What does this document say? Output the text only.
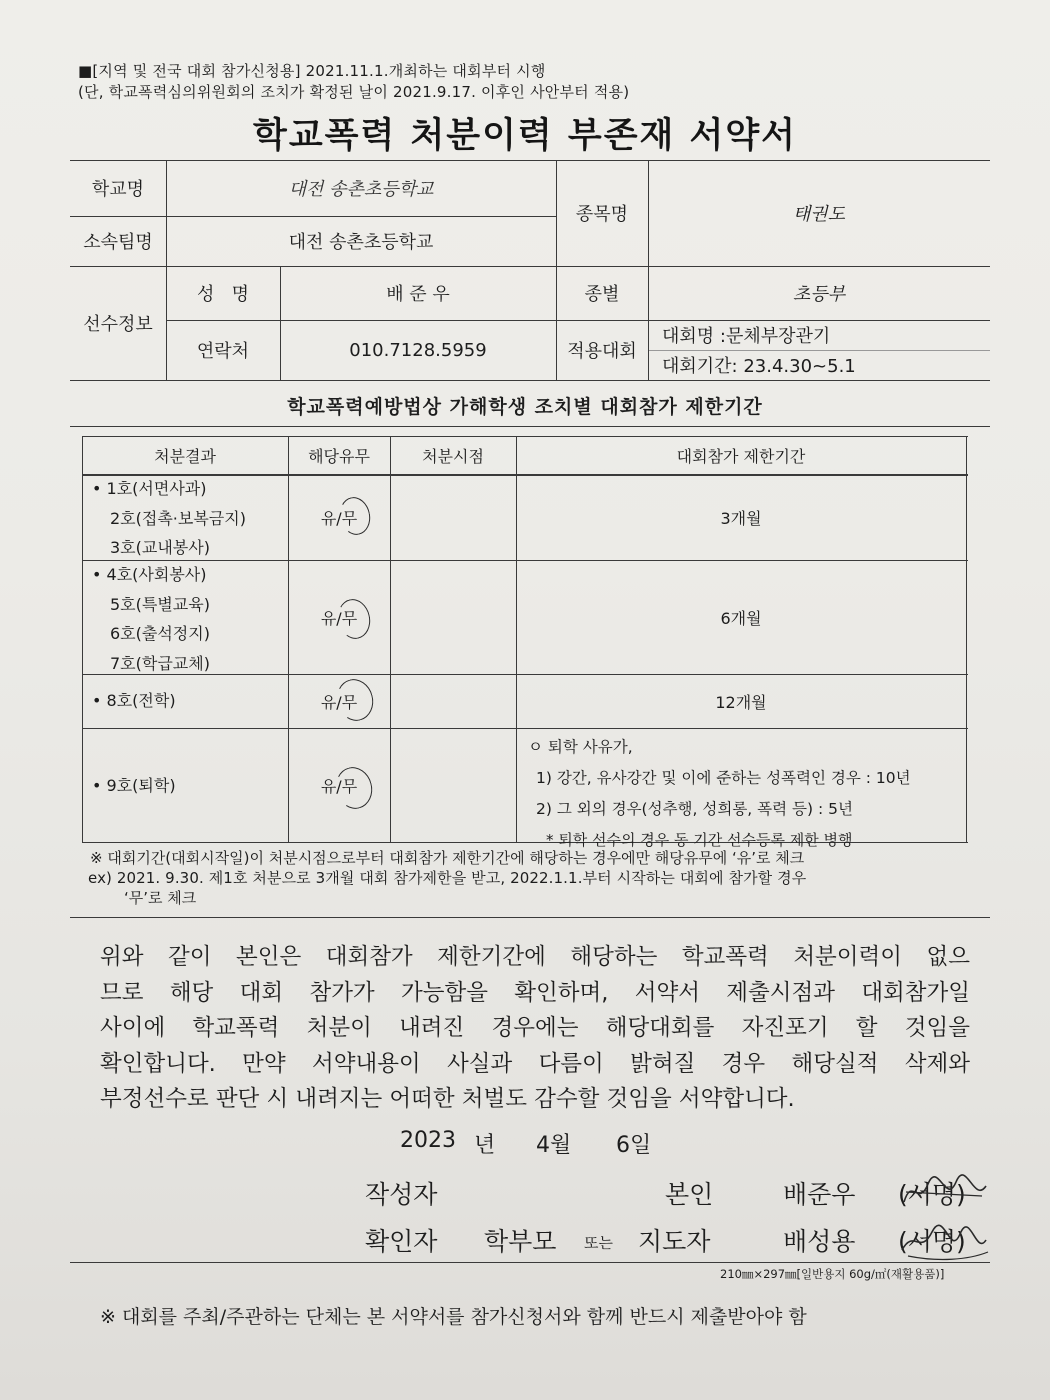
■[지역 및 전국 대회 참가신청용] 2021.11.1.개최하는 대회부터 시행
(단, 학교폭력심의위원회의 조치가 확정된 날이 2021.9.17. 이후인 사안부터 적용)
학교폭력 처분이력 부존재 서약서
학교명	대전 송촌초등학교
소속팀명	대전 송촌초등학교
종목명	태권도
선수정보
성   명	배 준 우
연락처	010.7128.5959
종별	초등부
적용대회
대회명 :문체부장관기
대회기간: 23.4.30~5.1
학교폭력예방법상 가해학생 조치별 대회참가 제한기간
처분결과	해당유무	처분시점	대회참가 제한기간
• 1호(서면사과)
2호(접촉·보복금지)
3호(교내봉사)
유/무	3개월
• 4호(사회봉사)
5호(특별교육)
6호(출석정지)
7호(학급교체)
유/무	6개월
• 8호(전학)	유/무	12개월
• 9호(퇴학)	유/무
ㅇ 퇴학 사유가,
1) 강간, 유사강간 및 이에 준하는 성폭력인 경우 : 10년
2) 그 외의 경우(성추행, 성희롱, 폭력 등) : 5년
* 퇴학 선수의 경우 동 기간 선수등록 제한 병행
※ 대회기간(대회시작일)이 처분시점으로부터 대회참가 제한기간에 해당하는 경우에만 해당유무에 ‘유’로 체크
ex) 2021. 9.30. 제1호 처분으로 3개월 대회 참가제한을 받고, 2022.1.1.부터 시작하는 대회에 참가할 경우
‘무’로 체크
위와 같이 본인은 대회참가 제한기간에 해당하는 학교폭력 처분이력이 없으
므로 해당 대회 참가가 가능함을 확인하며, 서약서 제출시점과 대회참가일
사이에 학교폭력 처분이 내려진 경우에는 해당대회를 자진포기 할 것임을
확인합니다. 만약 서약내용이 사실과 다름이 밝혀질 경우 해당실적 삭제와
부정선수로 판단 시 내려지는 어떠한 처벌도 감수할 것임을 서약합니다.
2023 년 4월 6일
작성자	본인	배준우 (서명)
확인자 학부모 또는 지도자	배성용 (서명)
210㎜×297㎜[일반용지 60g/㎡(재활용품)]
※ 대회를 주최/주관하는 단체는 본 서약서를 참가신청서와 함께 반드시 제출받아야 함
